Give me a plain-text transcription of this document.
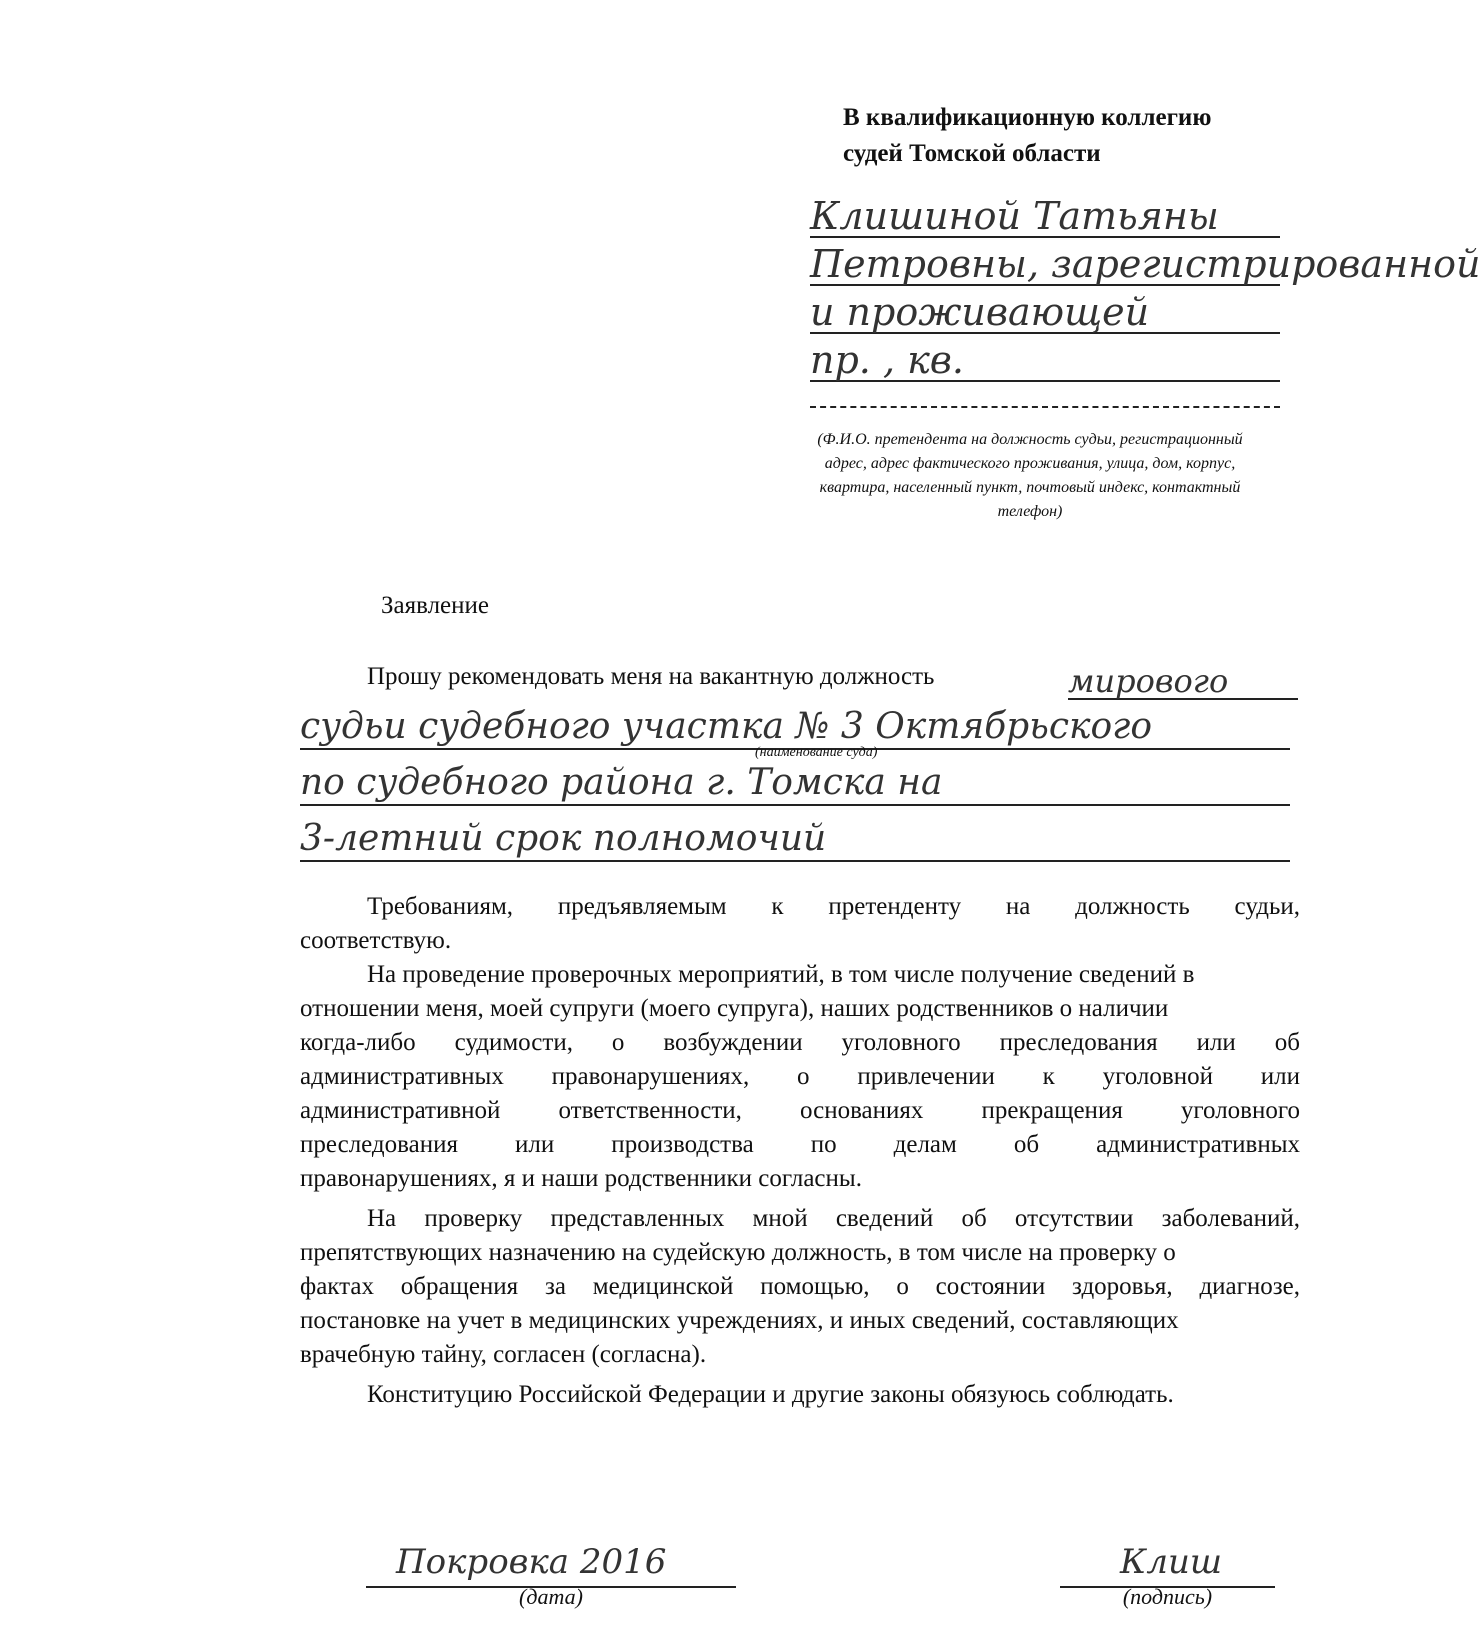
В квалификационную коллегию
судей Томской области
Клишиной Татьяны
Петровны, зарегистрированной
и проживающей
пр. , кв.
(Ф.И.О. претендента на должность судьи, регистрационный
адрес, адрес фактического проживания, улица, дом, корпус,
квартира, населенный пункт, почтовый индекс, контактный
телефон)
Заявление
Прошу рекомендовать меня на вакантную должность	мирового
судьи судебного участка № 3 Октябрьского
(наименование суда)
по судебного района г. Томска на
3-летний срок полномочий
Требованиям, предъявляемым к претенденту на должность судьи,
соответствую.
На проведение проверочных мероприятий, в том числе получение сведений в
отношении меня, моей супруги (моего супруга), наших родственников о наличии
когда-либо судимости, о возбуждении уголовного преследования или об
административных правонарушениях, о привлечении к уголовной или
административной ответственности, основаниях прекращения уголовного
преследования или производства по делам об административных
правонарушениях, я и наши родственники согласны.
На проверку представленных мной сведений об отсутствии заболеваний,
препятствующих назначению на судейскую должность, в том числе на проверку о
фактах обращения за медицинской помощью, о состоянии здоровья, диагнозе,
постановке на учет в медицинских учреждениях, и иных сведений, составляющих
врачебную тайну, согласен (согласна).
Конституцию Российской Федерации и другие законы обязуюсь соблюдать.
Покровка 2016
(дата)
Клиш
(подпись)
